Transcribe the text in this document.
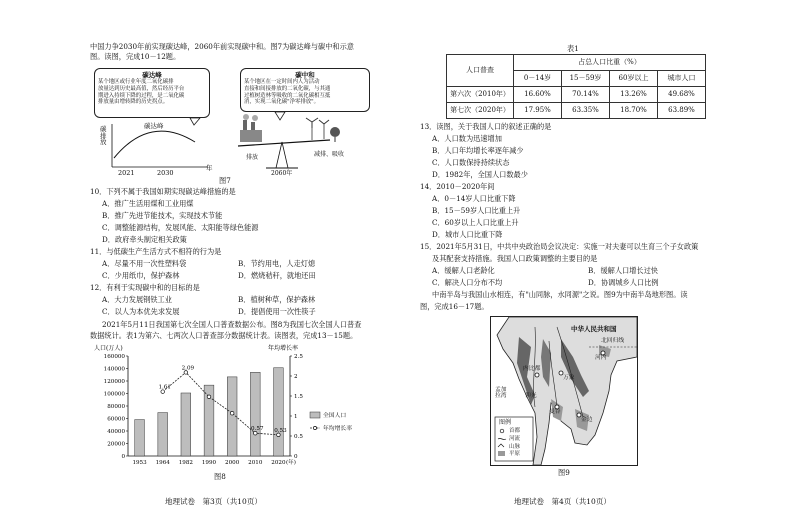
中国力争2030年前实现碳达峰，2060年前实现碳中和。图7为碳达峰与碳中和示意
图。读图，完成10－12题。
碳达峰
某个地区或行业年度二氧化碳排
放量达到历史最高值，然后经历平台
期进入持续下降的过程，是二氧化碳
排放量由增转降的历史拐点。
碳中和
某个地区在一定时间内人为活动
直接和间接排放的二氧化碳，与其通
过植树造林等吸收的二氧化碳相互抵
消，实现二氧化碳"净零排放"。
碳达峰
碳排放
2021	2030
年
排放	减排、吸收
2060年
图7
10．下列不属于我国如期实现碳达峰措施的是
A．推广生活用煤和工业用煤
B．推广先进节能技术，实现技术节能
C．调整能源结构，发展风能、太阳能等绿色能源
D．政府牵头制定相关政策
11．与低碳生产生活方式不相符的行为是
A．尽量不用一次性塑料袋	B．节约用电，人走灯熄
C．少用纸巾，保护森林	D．燃烧秸秆，就地还田
12．有利于实现碳中和的目标的是
A．大力发展钢铁工业	B．植树种草，保护森林
C．以人为本优先求发展	D．提倡使用一次性筷子
2021年5月11日我国第七次全国人口普查数据公布。图8为我国七次全国人口普查
数据统计。表1为第六、七两次人口普查部分数据统计表。读图表，完成13－15题。
0
20000
40000
60000
80000
100000
120000
140000
160000
0
0.5
1
1.5
2
2.5
人口(万人)	年均增长率
1953 1964 1982 1990 2000 2010 2020 (年)
1.61
2.09
0.57 0.53
全国人口
年均增长率
图8
地理试卷　第3页（共10页）
表1
人口普查	占总人口比重（%）			
	0－14岁	15－59岁	60岁以上	城市人口
第六次（2010年）	16.60%	70.14%	13.26%	49.68%
第七次（2020年）	17.95%	63.35%	18.70%	63.89%
13．读图，关于我国人口的叙述正确的是
A．人口数为迅速增加
B．人口年均增长率逐年减少
C．人口数保持持续状态
D．1982年，全国人口数最少
14．2010－2020年间
A．0－14岁人口比重下降
B．15－59岁人口比重上升
C．60岁以上人口比重上升
D．城市人口比重下降
15．2021年5月31日，中共中央政治局会议决定：实施一对夫妻可以生育三个子女政策
及其配套支持措施。我国人口政策调整的主要目的是
A．缓解人口老龄化	B．缓解人口增长过快
C．解决人口分布不均	D．协调城乡人口比例
中南半岛与我国山水相连，有"山同脉，水同源"之说。图9为中南半岛地形图。读
图，完成16－17题。
中华人民共和国
北回归线
内比都
曼谷
万象
金边
孟加拉湾	仰光
河内
图例
首都
河流
山脉
平原
图9
地理试卷　第4页（共10页）
